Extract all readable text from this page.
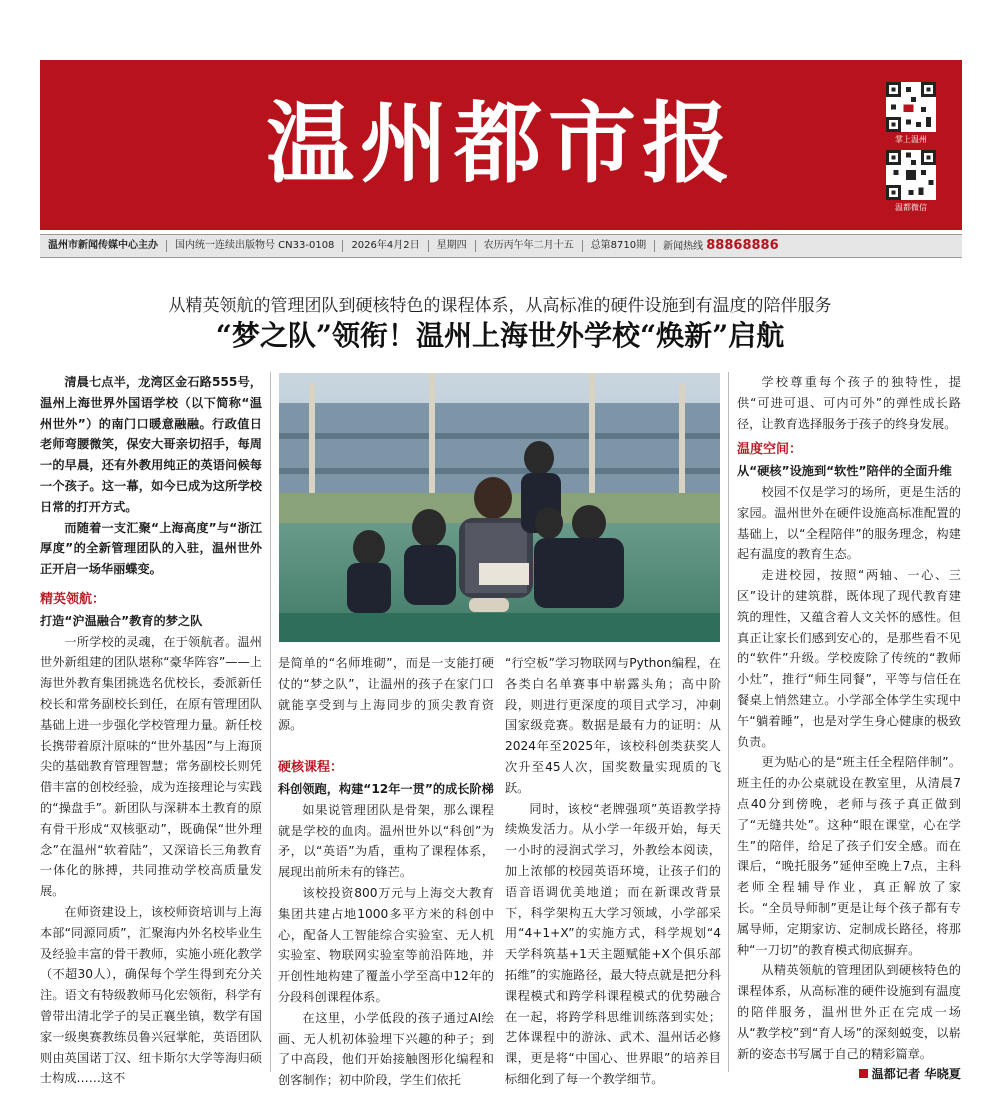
温州都市报	掌上温州
温都微信
温州市新闻传媒中心主办	国内统一连续出版物号 CN33-0108	2026年4月2日	星期四	农历丙午年二月十五	总第8710期	新闻热线 88868886
从精英领航的管理团队到硬核特色的课程体系，从高标准的硬件设施到有温度的陪伴服务
“梦之队”领衔！温州上海世外学校“焕新”启航

清晨七点半，龙湾区金石路555号，温州上海世界外国语学校（以下简称“温州世外”）的南门口暖意融融。行政值日老师弯腰微笑，保安大哥亲切招手，每周一的早晨，还有外教用纯正的英语问候每一个孩子。这一幕，如今已成为这所学校日常的打开方式。

而随着一支汇聚“上海高度”与“浙江厚度”的全新管理团队的入驻，温州世外正开启一场华丽蝶变。

精英领航：

打造“沪温融合”教育的梦之队

一所学校的灵魂，在于领航者。温州世外新组建的团队堪称“豪华阵容”——上海世外教育集团挑选名优校长，委派新任校长和常务副校长到任，在原有管理团队基础上进一步强化学校管理力量。新任校长携带着原汁原味的“世外基因”与上海顶尖的基础教育管理智慧；常务副校长则凭借丰富的创校经验，成为连接理论与实践的“操盘手”。新团队与深耕本土教育的原有骨干形成“双核驱动”，既确保“世外理念”在温州“软着陆”，又深谙长三角教育一体化的脉搏，共同推动学校高质量发展。

在师资建设上，该校师资培训与上海本部“同源同质”，汇聚海内外名校毕业生及经验丰富的骨干教师，实施小班化教学（不超30人），确保每个学生得到充分关注。语文有特级教师马化宏领衔，科学有曾带出清北学子的吴正襄坐镇，数学有国家一级奥赛教练员鲁兴冠掌舵，英语团队则由英国诺丁汉、纽卡斯尔大学等海归硕士构成……这不

是简单的“名师堆砌”，而是一支能打硬仗的“梦之队”，让温州的孩子在家门口就能享受到与上海同步的顶尖教育资源。

硬核课程：

科创领跑，构建“12年一贯”的成长阶梯

如果说管理团队是骨架，那么课程就是学校的血肉。温州世外以“科创”为矛，以“英语”为盾，重构了课程体系，展现出前所未有的锋芒。

该校投资800万元与上海交大教育集团共建占地1000多平方米的科创中心，配备人工智能综合实验室、无人机实验室、物联网实验室等前沿阵地，并开创性地构建了覆盖小学至高中12年的分段科创课程体系。

在这里，小学低段的孩子通过AI绘画、无人机初体验埋下兴趣的种子；到了中高段，他们开始接触图形化编程和创客制作；初中阶段，学生们依托

“行空板”学习物联网与Python编程，在各类白名单赛事中崭露头角；高中阶段，则进行更深度的项目式学习，冲刺国家级竞赛。数据是最有力的证明：从2024年至2025年，该校科创类获奖人次升至45人次，国奖数量实现质的飞跃。

同时，该校“老牌强项”英语教学持续焕发活力。从小学一年级开始，每天一小时的浸润式学习，外教绘本阅读，加上浓郁的校园英语环境，让孩子们的语音语调优美地道；而在新课改背景下，科学架构五大学习领域，小学部采用“4+1+X”的实施方式，科学规划“4天学科筑基+1天主题赋能+X个俱乐部拓维”的实施路径，最大特点就是把分科课程模式和跨学科课程模式的优势融合在一起，将跨学科思维训练落到实处；艺体课程中的游泳、武术、温州话必修课，更是将“中国心、世界眼”的培养目标细化到了每一个教学细节。

学校尊重每个孩子的独特性，提供“可进可退、可内可外”的弹性成长路径，让教育选择服务于孩子的终身发展。

温度空间：

从“硬核”设施到“软性”陪伴的全面升维

校园不仅是学习的场所，更是生活的家园。温州世外在硬件设施高标准配置的基础上，以“全程陪伴”的服务理念，构建起有温度的教育生态。

走进校园，按照“两轴、一心、三区”设计的建筑群，既体现了现代教育建筑的理性，又蕴含着人文关怀的感性。但真正让家长们感到安心的，是那些看不见的“软件”升级。学校废除了传统的“教师小灶”，推行“师生同餐”，平等与信任在餐桌上悄然建立。小学部全体学生实现中午“躺着睡”，也是对学生身心健康的极致负责。

更为贴心的是“班主任全程陪伴制”。班主任的办公桌就设在教室里，从清晨7点40分到傍晚，老师与孩子真正做到了“无缝共处”。这种“眼在课堂，心在学生”的陪伴，给足了孩子们安全感。而在课后，“晚托服务”延伸至晚上7点，主科老师全程辅导作业，真正解放了家长。“全员导师制”更是让每个孩子都有专属导师，定期家访、定制成长路径，将那种“一刀切”的教育模式彻底摒弃。

从精英领航的管理团队到硬核特色的课程体系，从高标准的硬件设施到有温度的陪伴服务，温州世外正在完成一场从“教学校”到“育人场”的深刻蜕变，以崭新的姿态书写属于自己的精彩篇章。

温都记者 华晓夏
